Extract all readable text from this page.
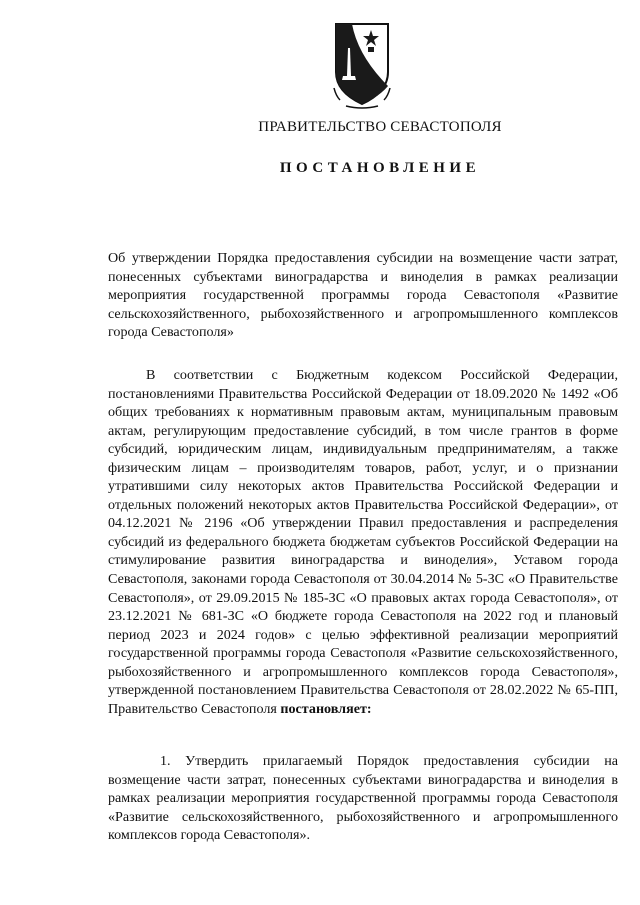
ПРАВИТЕЛЬСТВО СЕВАСТОПОЛЯ
ПОСТАНОВЛЕНИЕ
Об утверждении Порядка предоставления субсидии на возмещение части затрат, понесенных субъектами виноградарства и виноделия в рамках реализации мероприятия государственной программы города Севастополя «Развитие сельскохозяйственного, рыбохозяйственного и агропромышленного комплексов города Севастополя»
В соответствии с Бюджетным кодексом Российской Федерации, постановлениями Правительства Российской Федерации от 18.09.2020 № 1492 «Об общих требованиях к нормативным правовым актам, муниципальным правовым актам, регулирующим предоставление субсидий, в том числе грантов в форме субсидий, юридическим лицам, индивидуальным предпринимателям, а также физическим лицам – производителям товаров, работ, услуг, и о признании утратившими силу некоторых актов Правительства Российской Федерации и отдельных положений некоторых актов Правительства Российской Федерации», от 04.12.2021 № 2196 «Об утверждении Правил предоставления и распределения субсидий из федерального бюджета бюджетам субъектов Российской Федерации на стимулирование развития виноградарства и виноделия», Уставом города Севастополя, законами города Севастополя от 30.04.2014 № 5-ЗС «О Правительстве Севастополя», от 29.09.2015 № 185-ЗС «О правовых актах города Севастополя», от 23.12.2021 № 681-ЗС «О бюджете города Севастополя на 2022 год и плановый период 2023 и 2024 годов» с целью эффективной реализации мероприятий государственной программы города Севастополя «Развитие сельскохозяйственного, рыбохозяйственного и агропромышленного комплексов города Севастополя», утвержденной постановлением Правительства Севастополя от 28.02.2022 № 65-ПП, Правительство Севастополя постановляет:
1. Утвердить прилагаемый Порядок предоставления субсидии на возмещение части затрат, понесенных субъектами виноградарства и виноделия в рамках реализации мероприятия государственной программы города Севастополя «Развитие сельскохозяйственного, рыбохозяйственного и агропромышленного комплексов города Севастополя».
